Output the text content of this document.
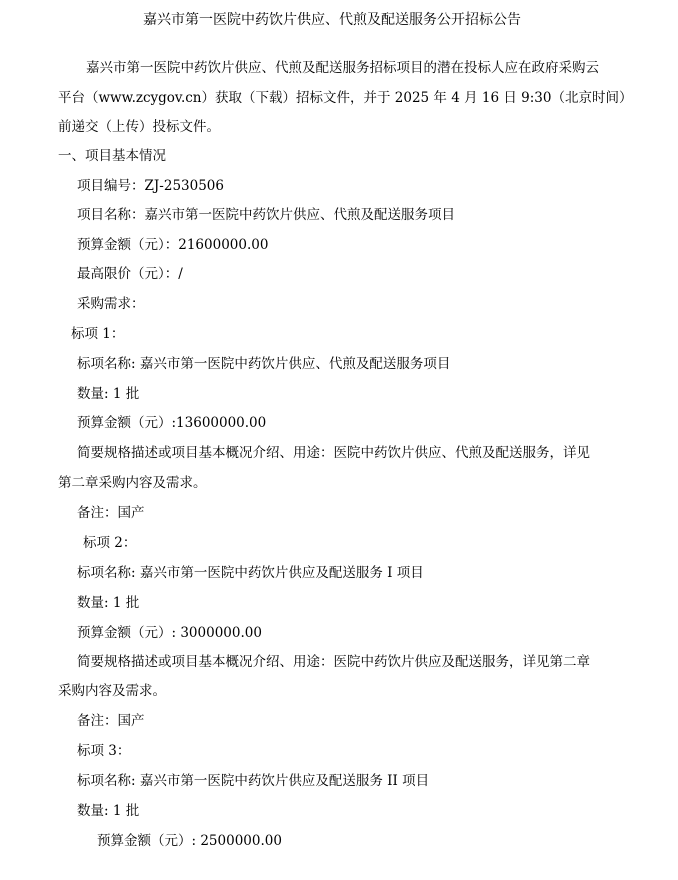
嘉兴市第一医院中药饮片供应、代煎及配送服务公开招标公告
嘉兴市第一医院中药饮片供应、代煎及配送服务招标项目的潜在投标人应在政府采购云
平台（www.zcygov.cn）获取（下载）招标文件，并于 2025 年 4 月 16 日 9:30（北京时间）
前递交（上传）投标文件。
一、项目基本情况
项目编号：ZJ-2530506
项目名称：嘉兴市第一医院中药饮片供应、代煎及配送服务项目
预算金额（元）：21600000.00
最高限价（元）：/
采购需求：
标项 1：
标项名称: 嘉兴市第一医院中药饮片供应、代煎及配送服务项目
数量: 1 批
预算金额（元）:13600000.00
简要规格描述或项目基本概况介绍、用途：医院中药饮片供应、代煎及配送服务，详见
第二章采购内容及需求。
备注：国产
标项 2：
标项名称: 嘉兴市第一医院中药饮片供应及配送服务 I 项目
数量: 1 批
预算金额（元）: 3000000.00
简要规格描述或项目基本概况介绍、用途：医院中药饮片供应及配送服务，详见第二章
采购内容及需求。
备注：国产
标项 3：
标项名称: 嘉兴市第一医院中药饮片供应及配送服务 II 项目
数量: 1 批
预算金额（元）: 2500000.00
